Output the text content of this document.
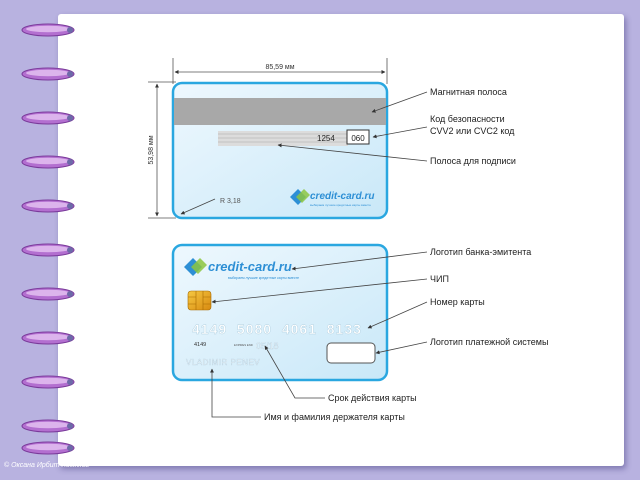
85,59 мм
53,98 мм	1254 060
credit-card.ru
выбираем лучшие кредитные карты вместе
R 3,18
Магнитная полоса
Код безопасности
CVV2 или CVC2 код
Полоса для подписи
credit-card.ru
выбираем лучшие кредитные карты вместе
4149  5080  4061  8133
4149	EXPIRES END 05/18
VLADIMIR PENEV
Логотип банка-эмитента
ЧИП
Номер карты
Логотип платежной системы
Срок действия карты
Имя и фамилия держателя карты
© Оксана Ирбит Хомяков
